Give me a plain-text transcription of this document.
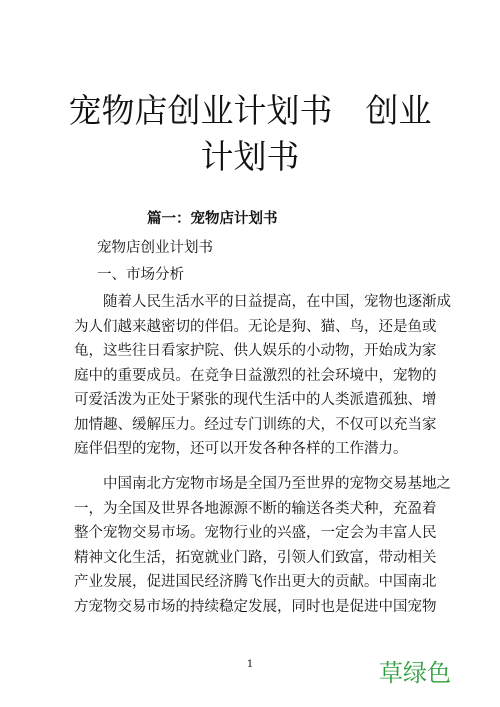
宠物店创业计划书　创业
计划书
篇一：宠物店计划书
宠物店创业计划书
一、市场分析
随着人民生活水平的日益提高，在中国，宠物也逐渐成
为人们越来越密切的伴侣。无论是狗、猫、鸟，还是鱼或
龟，这些往日看家护院、供人娱乐的小动物，开始成为家
庭中的重要成员。在竞争日益激烈的社会环境中，宠物的
可爱活泼为正处于紧张的现代生活中的人类派遣孤独、增
加情趣、缓解压力。经过专门训练的犬，不仅可以充当家
庭伴侣型的宠物，还可以开发各种各样的工作潜力。
中国南北方宠物市场是全国乃至世界的宠物交易基地之
一，为全国及世界各地源源不断的输送各类犬种，充盈着
整个宠物交易市场。宠物行业的兴盛，一定会为丰富人民
精神文化生活，拓宽就业门路，引领人们致富，带动相关
产业发展，促进国民经济腾飞作出更大的贡献。中国南北
方宠物交易市场的持续稳定发展，同时也是促进中国宠物
1	草绿色
